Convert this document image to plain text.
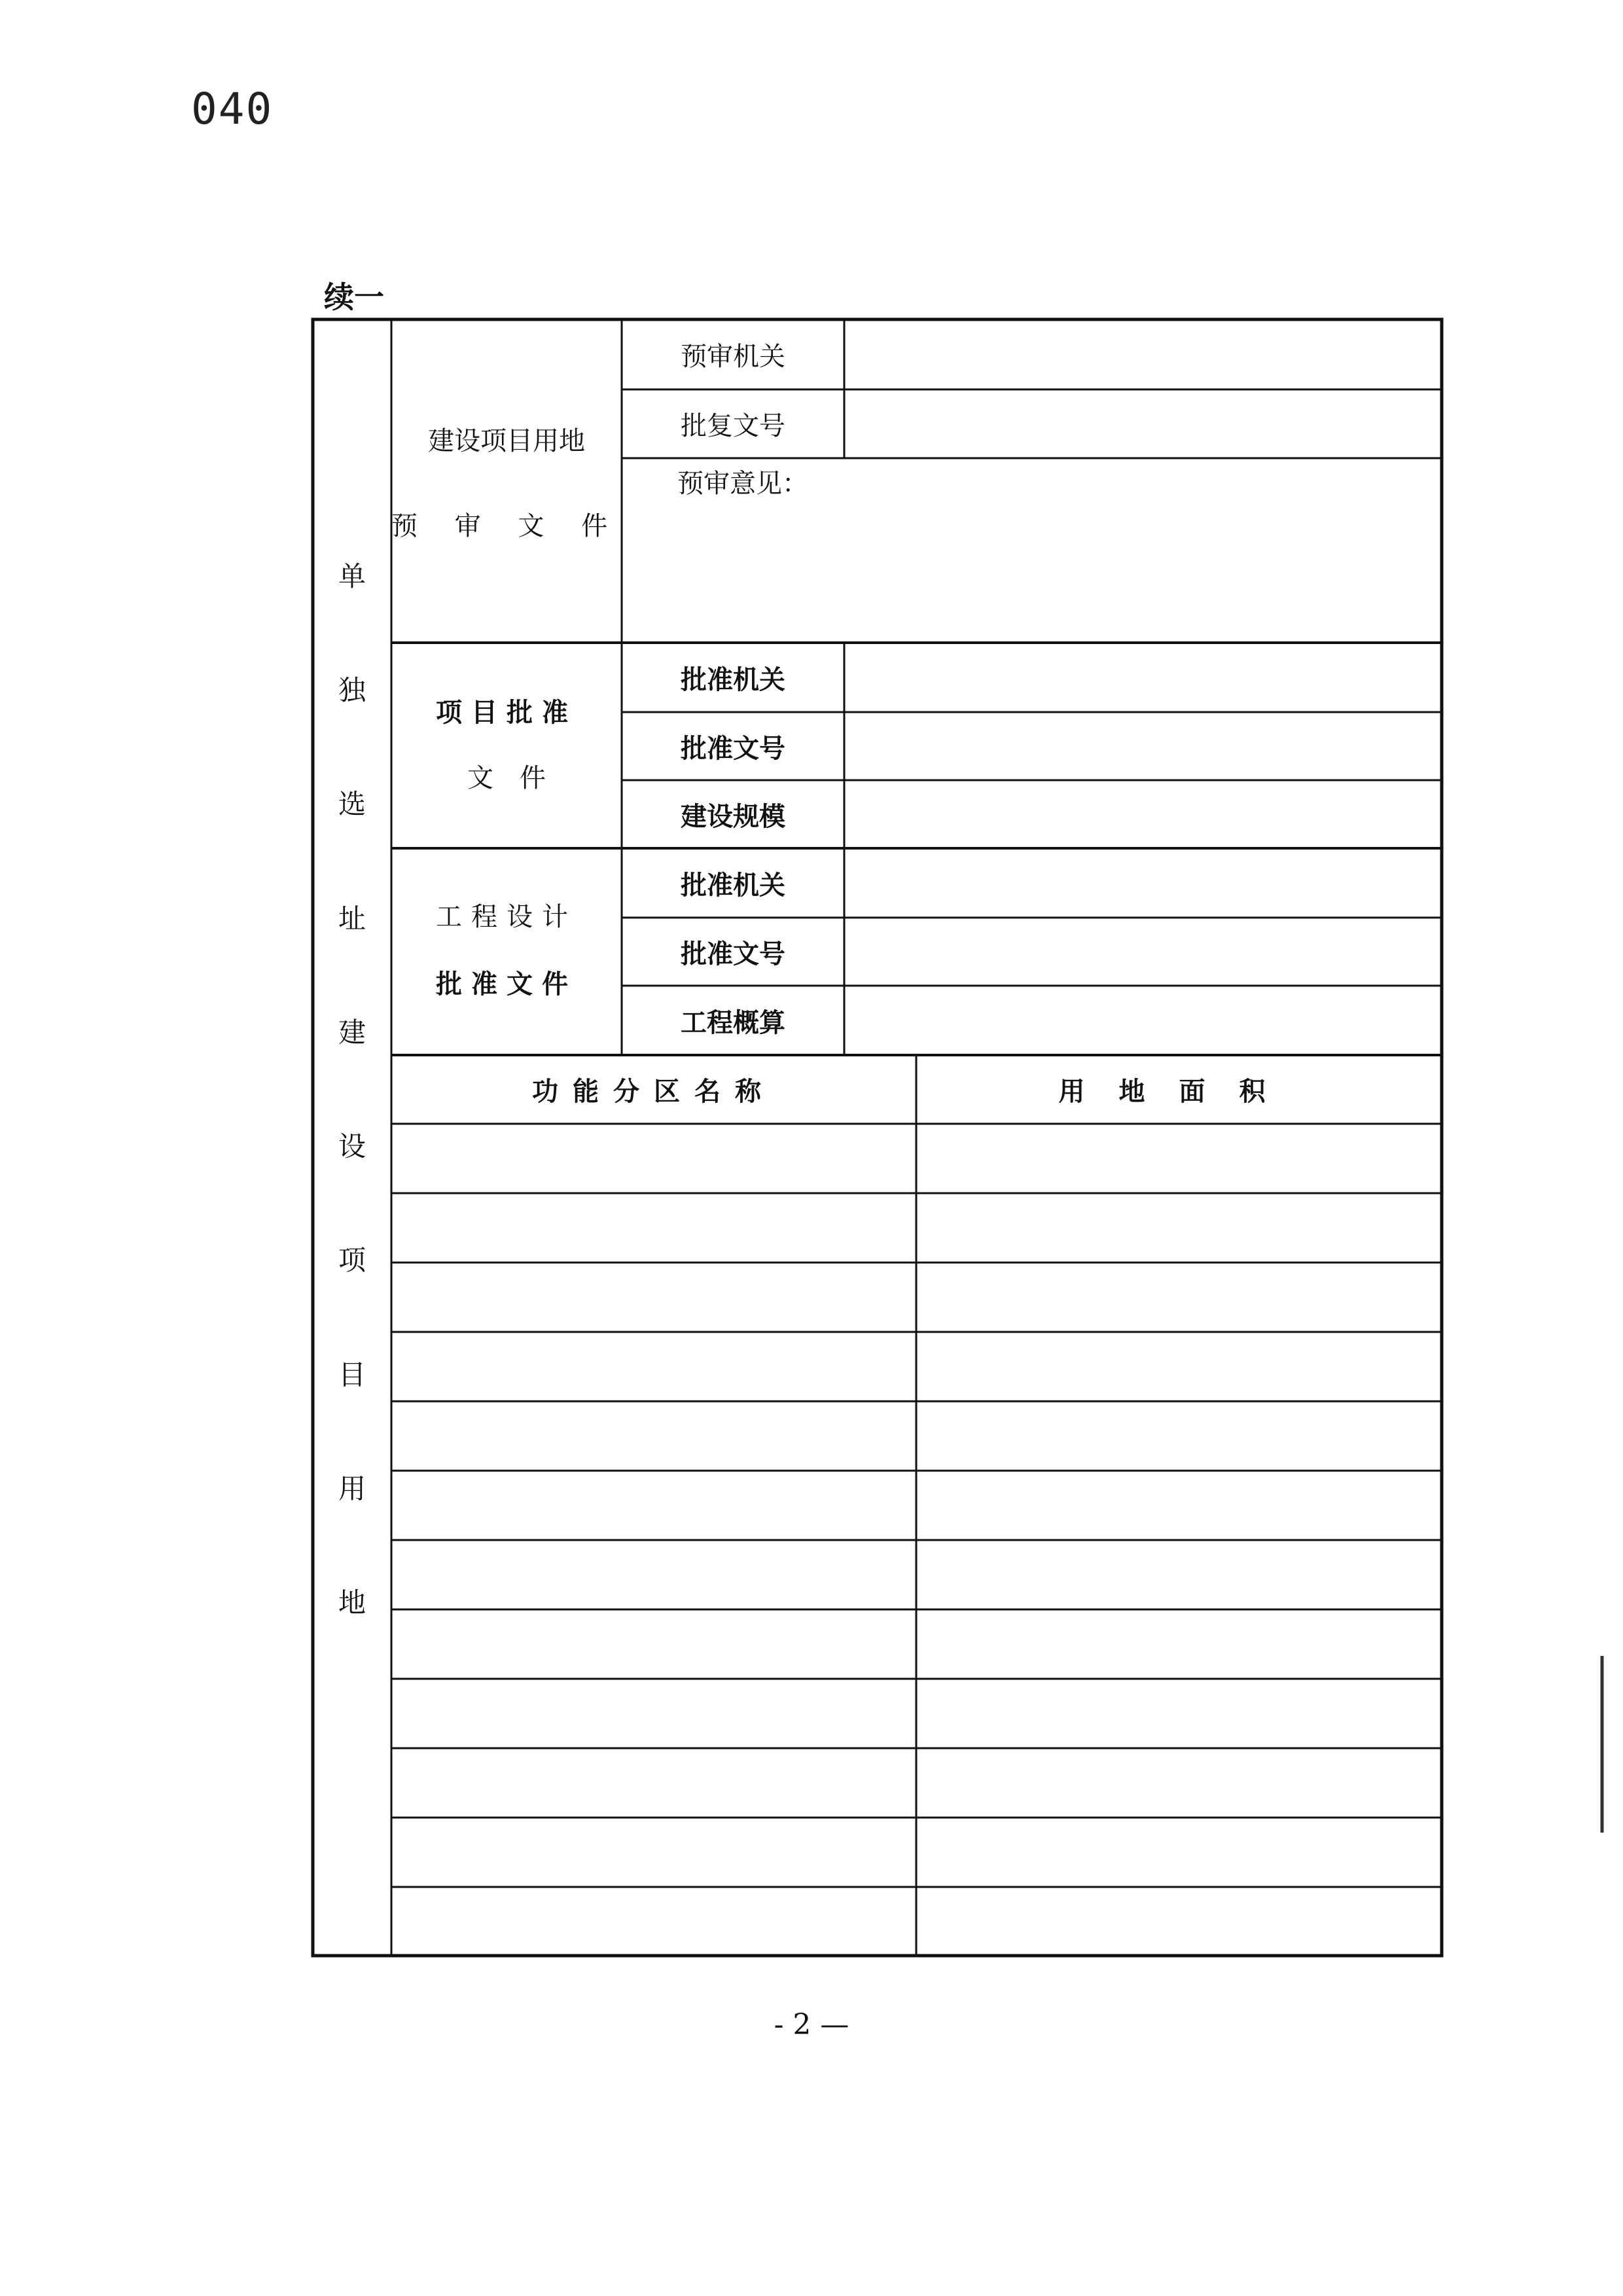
040
续一
单
独
选
址
建
设
项
目
用
地
建设项目用地
预 审 文 件
预审机关
批复文号
预审意见：
项目批准
文　件
批准机关
批准文号
建设规模
工程设计
批准文件
批准机关
批准文号
工程概算
功能分区名称	用地面积
- 2 —
